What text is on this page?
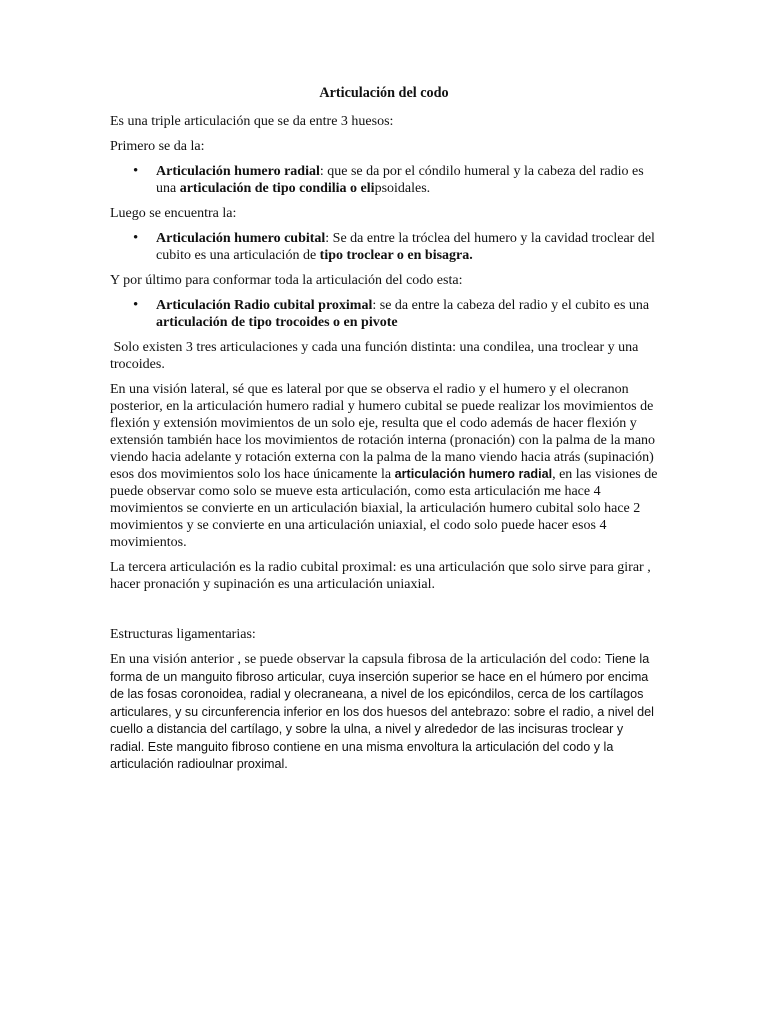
Articulación del codo

Es una triple articulación que se da entre 3 huesos:

Primero se da la:

• Articulación humero radial: que se da por el cóndilo humeral y la cabeza del radio es una articulación de tipo condilia o elipsoidales.

Luego se encuentra la:

• Articulación humero cubital: Se da entre la tróclea del humero y la cavidad troclear del cubito es una articulación de tipo troclear o en bisagra.

Y por último para conformar toda la articulación del codo esta:

• Articulación Radio cubital proximal: se da entre la cabeza del radio y el cubito es una articulación de tipo trocoides o en pivote

Solo existen 3 tres articulaciones y cada una función distinta: una condilea, una troclear y una trocoides.

En una visión lateral, sé que es lateral por que se observa el radio y el humero y el olecranon posterior, en la articulación humero radial y humero cubital se puede realizar los movimientos de flexión y extensión movimientos de un solo eje, resulta que el codo además de hacer flexión y extensión también hace los movimientos de rotación interna (pronación) con la palma de la mano viendo hacia adelante y rotación externa con la palma de la mano viendo hacia atrás (supinación) esos dos movimientos solo los hace únicamente la articulación humero radial, en las visiones de puede observar como solo se mueve esta articulación, como esta articulación me hace 4 movimientos se convierte en un articulación biaxial, la articulación humero cubital solo hace 2 movimientos y se convierte en una articulación uniaxial, el codo solo puede hacer esos 4 movimientos.

La tercera articulación es la radio cubital proximal: es una articulación que solo sirve para girar , hacer pronación y supinación es una articulación uniaxial.

Estructuras ligamentarias:

En una visión anterior , se puede observar la capsula fibrosa de la articulación del codo: Tiene la forma de un manguito fibroso articular, cuya inserción superior se hace en el húmero por encima de las fosas coronoidea, radial y olecraneana, a nivel de los epicóndilos, cerca de los cartílagos articulares, y su circunferencia inferior en los dos huesos del antebrazo: sobre el radio, a nivel del cuello a distancia del cartílago, y sobre la ulna, a nivel y alrededor de las incisuras troclear y radial. Este manguito fibroso contiene en una misma envoltura la articulación del codo y la articulación radioulnar proximal.
